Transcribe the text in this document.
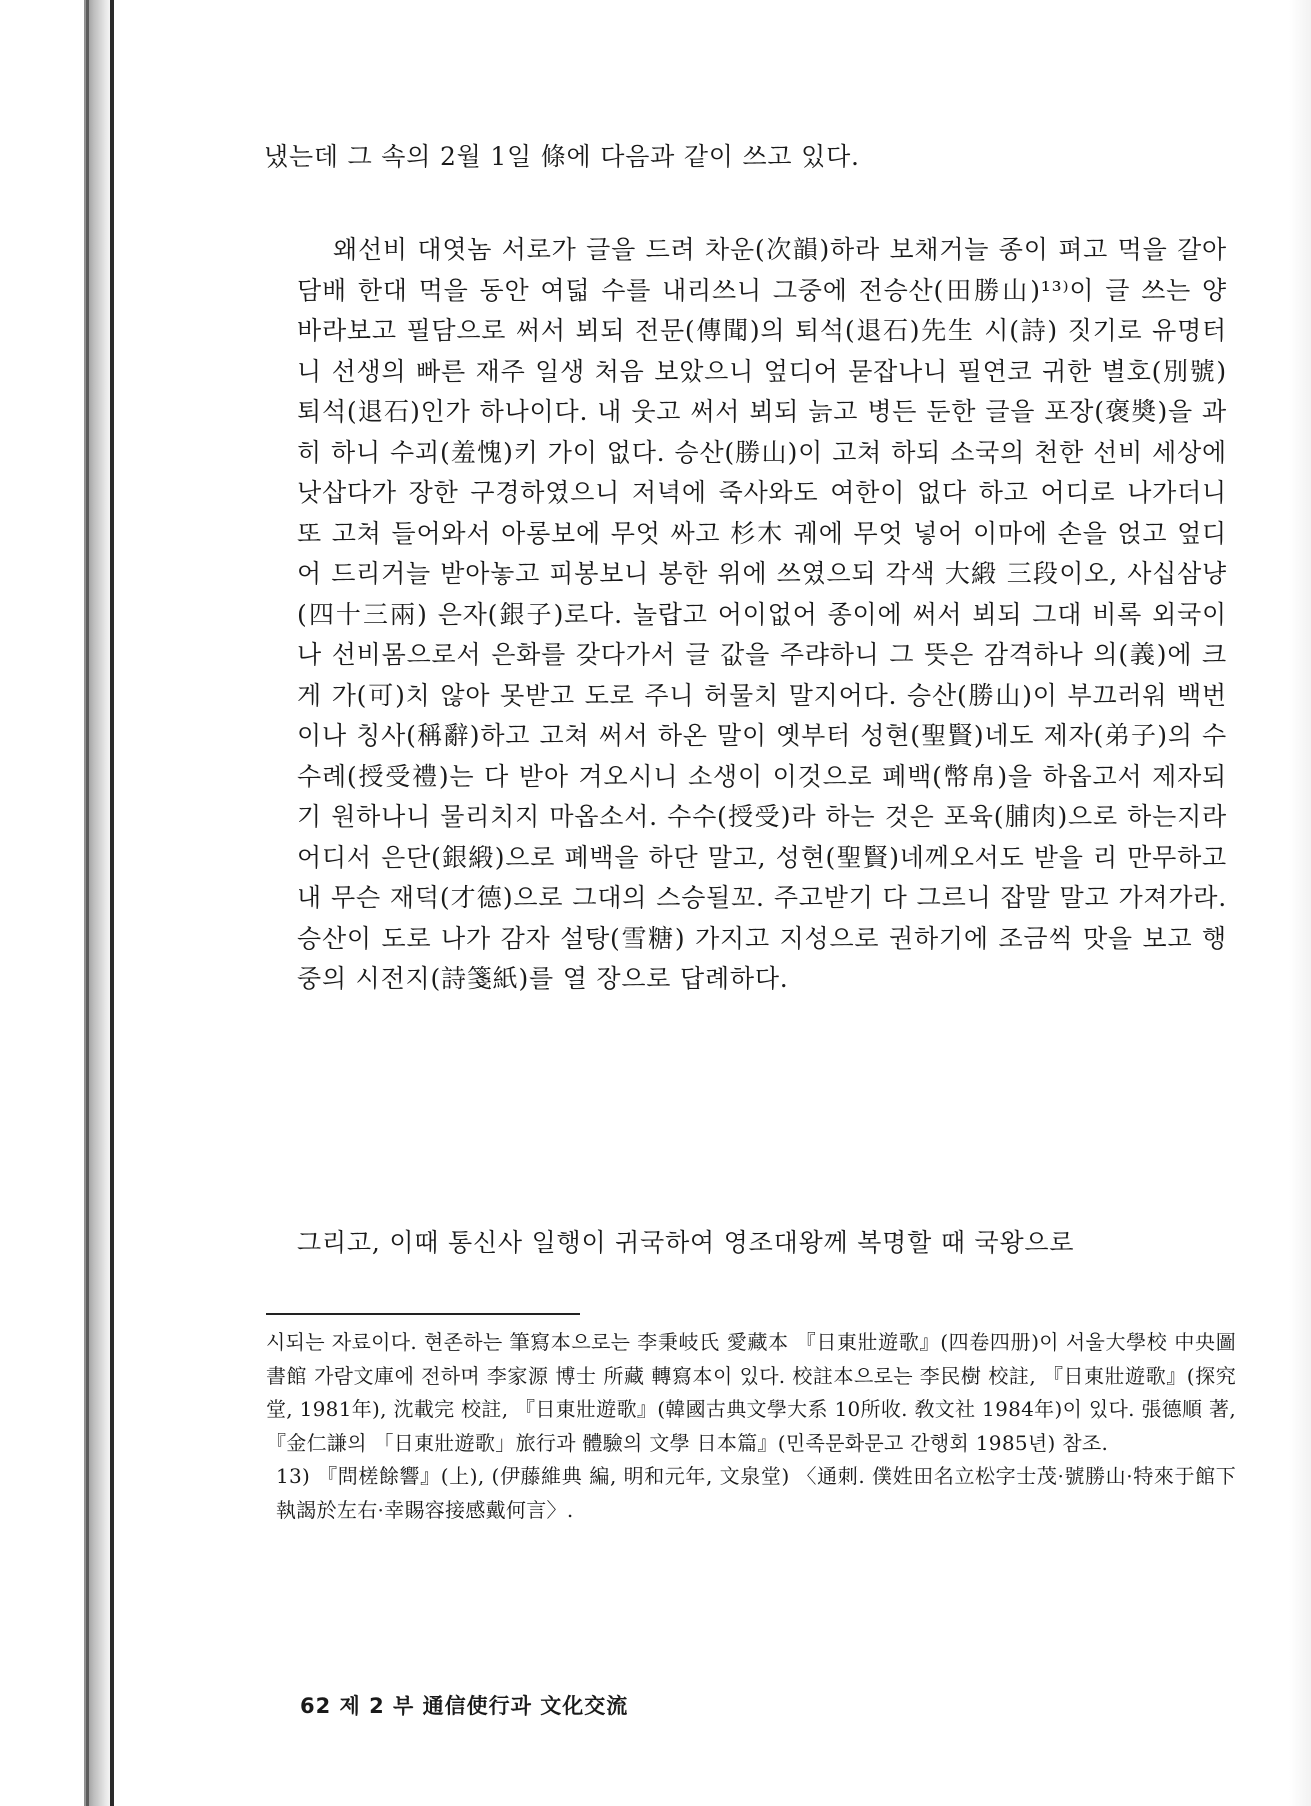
냈는데 그 속의 2월 1일 條에 다음과 같이 쓰고 있다.

왜선비 대엿놈 서로가 글을 드려 차운(次韻)하라 보채거늘 종이 펴고 먹을 갈아 담배 한대 먹을 동안 여덟 수를 내리쓰니 그중에 전승산(田勝山)¹³⁾이 글 쓰는 양 바라보고 필담으로 써서 뵈되 전문(傳聞)의 퇴석(退石)先生 시(詩) 짓기로 유명터니 선생의 빠른 재주 일생 처음 보았으니 엎디어 묻잡나니 필연코 귀한 별호(別號) 퇴석(退石)인가 하나이다. 내 웃고 써서 뵈되 늙고 병든 둔한 글을 포장(褒奬)을 과히 하니 수괴(羞愧)키 가이 없다. 승산(勝山)이 고쳐 하되 소국의 천한 선비 세상에 낫삽다가 장한 구경하였으니 저녁에 죽사와도 여한이 없다 하고 어디로 나가더니 또 고쳐 들어와서 아롱보에 무엇 싸고 杉木 궤에 무엇 넣어 이마에 손을 얹고 엎디어 드리거늘 받아놓고 피봉보니 봉한 위에 쓰였으되 각색 大緞 三段이오, 사십삼냥(四十三兩) 은자(銀子)로다. 놀랍고 어이없어 종이에 써서 뵈되 그대 비록 외국이나 선비몸으로서 은화를 갖다가서 글 값을 주랴하니 그 뜻은 감격하나 의(義)에 크게 가(可)치 않아 못받고 도로 주니 허물치 말지어다. 승산(勝山)이 부끄러워 백번이나 칭사(稱辭)하고 고쳐 써서 하온 말이 옛부터 성현(聖賢)네도 제자(弟子)의 수수례(授受禮)는 다 받아 겨오시니 소생이 이것으로 폐백(幣帛)을 하옵고서 제자되기 원하나니 물리치지 마옵소서. 수수(授受)라 하는 것은 포육(脯肉)으로 하는지라 어디서 은단(銀緞)으로 폐백을 하단 말고, 성현(聖賢)네께오서도 받을 리 만무하고 내 무슨 재덕(才德)으로 그대의 스승될꼬. 주고받기 다 그르니 잡말 말고 가져가라. 승산이 도로 나가 감자 설탕(雪糖) 가지고 지성으로 권하기에 조금씩 맛을 보고 행중의 시전지(詩箋紙)를 열 장으로 답례하다.

그리고, 이때 통신사 일행이 귀국하여 영조대왕께 복명할 때 국왕으로

시되는 자료이다. 현존하는 筆寫本으로는 李秉岐氏 愛藏本 『日東壯遊歌』(四卷四册)이 서울大學校 中央圖書館 가람文庫에 전하며 李家源 博士 所藏 轉寫本이 있다. 校註本으로는 李民樹 校註, 『日東壯遊歌』(探究堂, 1981年), 沈載完 校註, 『日東壯遊歌』(韓國古典文學大系 10所收. 敎文社 1984年)이 있다. 張德順 著, 『金仁謙의 「日東壯遊歌」旅行과 體驗의 文學 日本篇』(민족문화문고 간행회 1985년) 참조.
13) 『問槎餘響』(上), (伊藤維典 編, 明和元年, 文泉堂) 〈通刺. 僕姓田名立松字士茂·號勝山·特來于館下執謁於左右·幸賜容接感戴何言〉.
62 제 2 부 通信使行과 文化交流
